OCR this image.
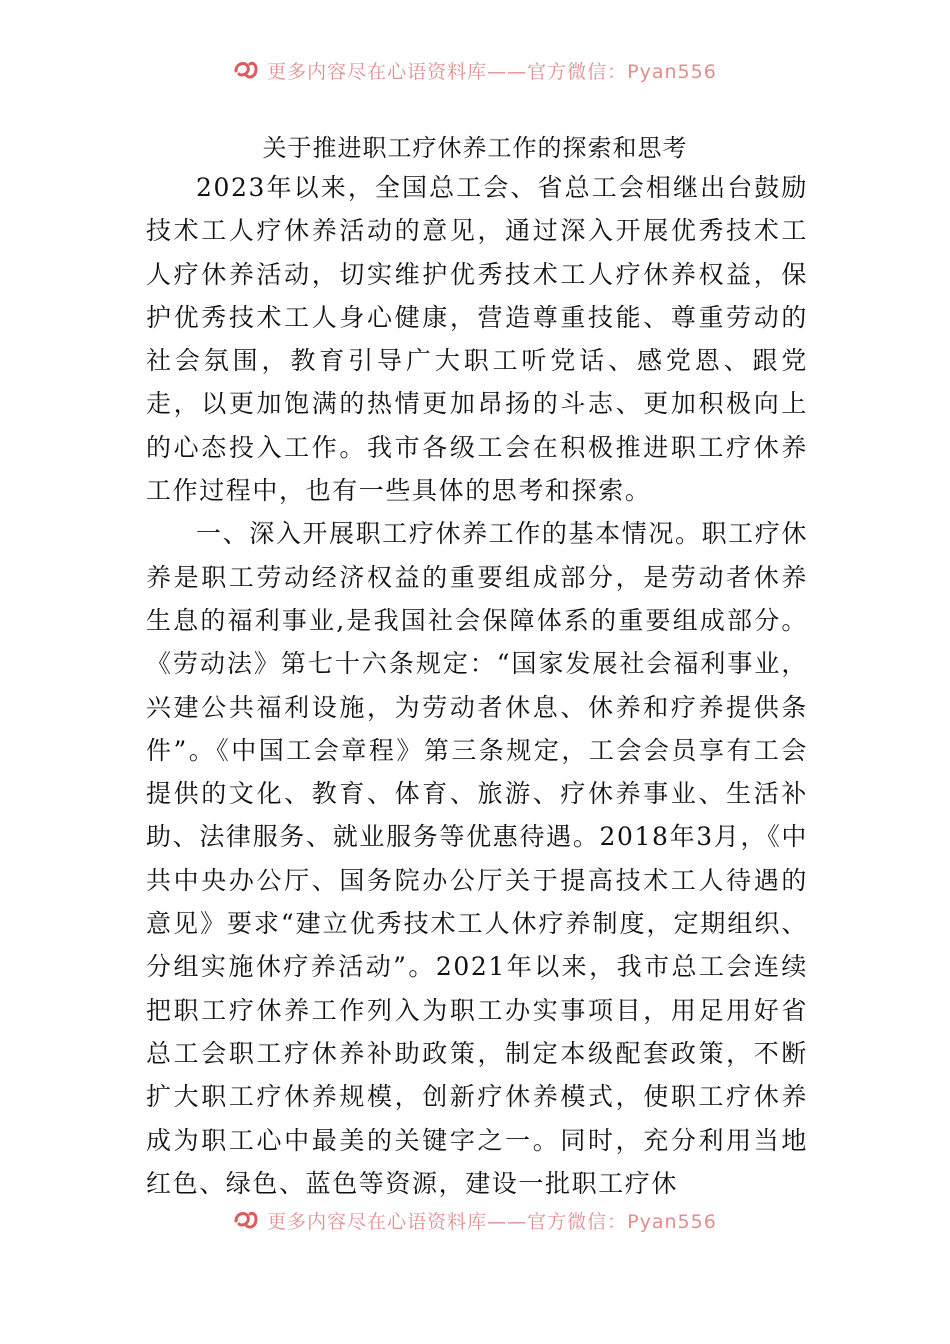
更多内容尽在心语资料库——官方微信：Pyan556
关于推进职工疗休养工作的探索和思考

2023年以来，全国总工会、省总工会相继出台鼓励技术工人疗休养活动的意见，通过深入开展优秀技术工人疗休养活动，切实维护优秀技术工人疗休养权益，保护优秀技术工人身心健康，营造尊重技能、尊重劳动的社会氛围，教育引导广大职工听党话、感党恩、跟党走，以更加饱满的热情更加昂扬的斗志、更加积极向上的心态投入工作。我市各级工会在积极推进职工疗休养工作过程中，也有一些具体的思考和探索。

一、深入开展职工疗休养工作的基本情况。职工疗休养是职工劳动经济权益的重要组成部分，是劳动者休养生息的福利事业,是我国社会保障体系的重要组成部分。《劳动法》第七十六条规定：“国家发展社会福利事业，兴建公共福利设施，为劳动者休息、休养和疗养提供条件”。《中国工会章程》第三条规定，工会会员享有工会提供的文化、教育、体育、旅游、疗休养事业、生活补助、法律服务、就业服务等优惠待遇。2018年3月，《中共中央办公厅、国务院办公厅关于提高技术工人待遇的意见》要求“建立优秀技术工人休疗养制度，定期组织、分组实施休疗养活动”。2021年以来，我市总工会连续把职工疗休养工作列入为职工办实事项目，用足用好省总工会职工疗休养补助政策，制定本级配套政策，不断扩大职工疗休养规模，创新疗休养模式，使职工疗休养成为职工心中最美的关键字之一。同时，充分利用当地红色、绿色、蓝色等资源，建设一批职工疗休

更多内容尽在心语资料库——官方微信：Pyan556
